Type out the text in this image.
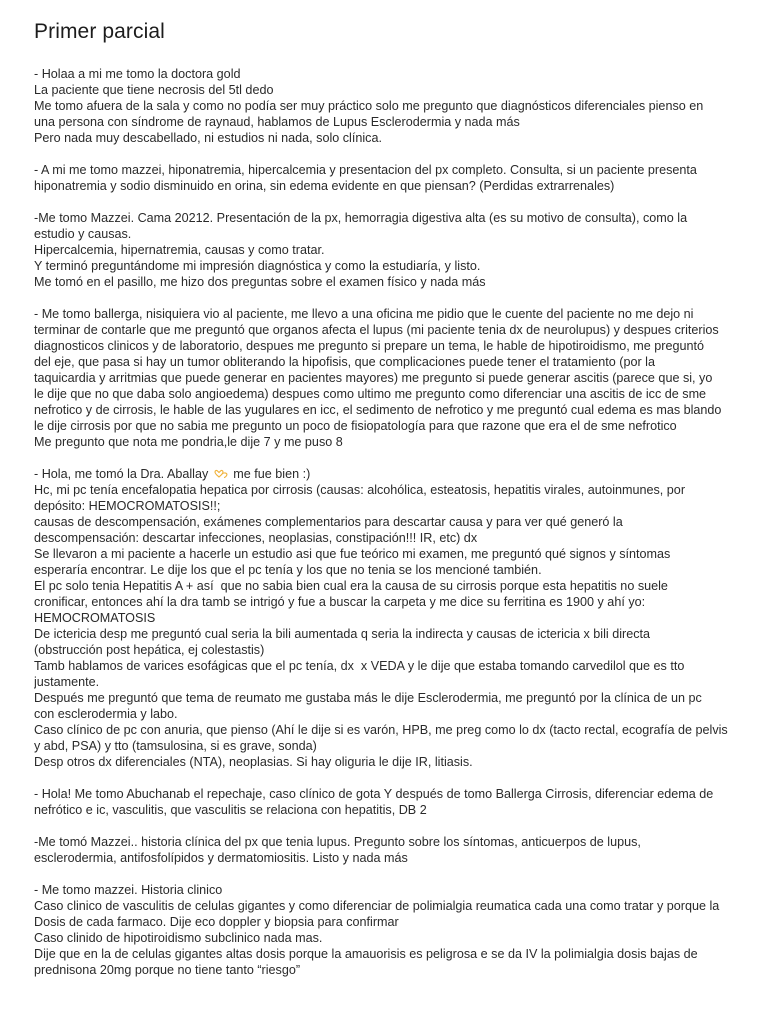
Primer parcial
- Holaa a mi me tomo la doctora gold
La paciente que tiene necrosis del 5tl dedo
Me tomo afuera de la sala y como no podía ser muy práctico solo me pregunto que diagnósticos diferenciales pienso en
una persona con síndrome de raynaud, hablamos de Lupus Esclerodermia y nada más
Pero nada muy descabellado, ni estudios ni nada, solo clínica.
- A mi me tomo mazzei, hiponatremia, hipercalcemia y presentacion del px completo. Consulta, si un paciente presenta
hiponatremia y sodio disminuido en orina, sin edema evidente en que piensan? (Perdidas extrarrenales)
-Me tomo Mazzei. Cama 20212. Presentación de la px, hemorragia digestiva alta (es su motivo de consulta), como la
estudio y causas.
Hipercalcemia, hipernatremia, causas y como tratar.
Y terminó preguntándome mi impresión diagnóstica y como la estudiaría, y listo.
Me tomó en el pasillo, me hizo dos preguntas sobre el examen físico y nada más
- Me tomo ballerga, nisiquiera vio al paciente, me llevo a una oficina me pidio que le cuente del paciente no me dejo ni
terminar de contarle que me preguntó que organos afecta el lupus (mi paciente tenia dx de neurolupus) y despues criterios
diagnosticos clinicos y de laboratorio, despues me pregunto si prepare un tema, le hable de hipotiroidismo, me preguntó
del eje, que pasa si hay un tumor obliterando la hipofisis, que complicaciones puede tener el tratamiento (por la
taquicardia y arritmias que puede generar en pacientes mayores) me pregunto si puede generar ascitis (parece que si, yo
le dije que no que daba solo angioedema) despues como ultimo me pregunto como diferenciar una ascitis de icc de sme
nefrotico y de cirrosis, le hable de las yugulares en icc, el sedimento de nefrotico y me preguntó cual edema es mas blando
le dije cirrosis por que no sabia me pregunto un poco de fisiopatología para que razone que era el de sme nefrotico
Me pregunto que nota me pondria,le dije 7 y me puso 8
- Hola, me tomó la Dra. Aballay  me fue bien :)
Hc, mi pc tenía encefalopatia hepatica por cirrosis (causas: alcohólica, esteatosis, hepatitis virales, autoinmunes, por
depósito: HEMOCROMATOSIS!!;
causas de descompensación, exámenes complementarios para descartar causa y para ver qué generó la
descompensación: descartar infecciones, neoplasias, constipación!!! IR, etc) dx
Se llevaron a mi paciente a hacerle un estudio asi que fue teórico mi examen, me preguntó qué signos y síntomas
esperaría encontrar. Le dije los que el pc tenía y los que no tenia se los mencioné también.
El pc solo tenia Hepatitis A + así  que no sabia bien cual era la causa de su cirrosis porque esta hepatitis no suele
cronificar, entonces ahí la dra tamb se intrigó y fue a buscar la carpeta y me dice su ferritina es 1900 y ahí yo:
HEMOCROMATOSIS
De ictericia desp me preguntó cual seria la bili aumentada q seria la indirecta y causas de ictericia x bili directa
(obstrucción post hepática, ej colestastis)
Tamb hablamos de varices esofágicas que el pc tenía, dx  x VEDA y le dije que estaba tomando carvedilol que es tto
justamente.
Después me preguntó que tema de reumato me gustaba más le dije Esclerodermia, me preguntó por la clínica de un pc
con esclerodermia y labo.
Caso clínico de pc con anuria, que pienso (Ahí le dije si es varón, HPB, me preg como lo dx (tacto rectal, ecografía de pelvis
y abd, PSA) y tto (tamsulosina, si es grave, sonda)
Desp otros dx diferenciales (NTA), neoplasias. Si hay oliguria le dije IR, litiasis.
- Hola! Me tomo Abuchanab el repechaje, caso clínico de gota Y después de tomo Ballerga Cirrosis, diferenciar edema de
nefrótico e ic, vasculitis, que vasculitis se relaciona con hepatitis, DB 2
-Me tomó Mazzei.. historia clínica del px que tenia lupus. Pregunto sobre los síntomas, anticuerpos de lupus,
esclerodermia, antifosfolípidos y dermatomiositis. Listo y nada más
- Me tomo mazzei. Historia clinico
Caso clinico de vasculitis de celulas gigantes y como diferenciar de polimialgia reumatica cada una como tratar y porque la
Dosis de cada farmaco. Dije eco doppler y biopsia para confirmar
Caso clinido de hipotiroidismo subclinico nada mas.
Dije que en la de celulas gigantes altas dosis porque la amauorisis es peligrosa e se da IV la polimialgia dosis bajas de
prednisona 20mg porque no tiene tanto “riesgo”
